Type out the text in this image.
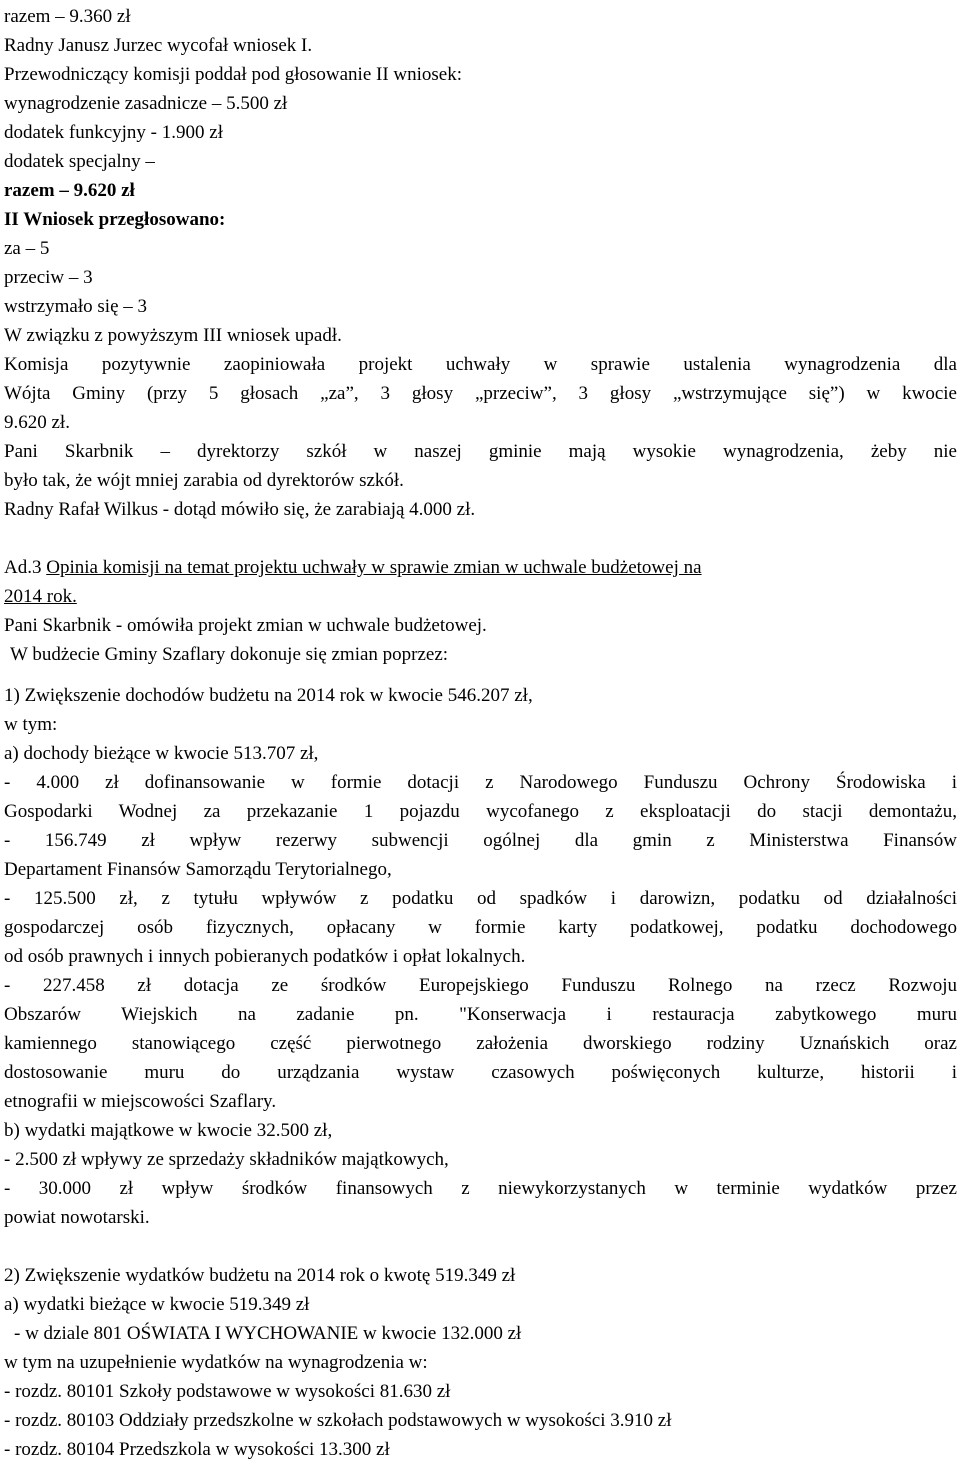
razem – 9.360 zł
Radny Janusz Jurzec wycofał wniosek I.
Przewodniczący komisji poddał pod głosowanie II wniosek:
wynagrodzenie zasadnicze – 5.500 zł
dodatek funkcyjny - 1.900 zł
dodatek specjalny –
razem – 9.620 zł
II Wniosek przegłosowano:
za – 5
przeciw – 3
wstrzymało się – 3
W związku z powyższym III wniosek upadł.
Komisja pozytywnie zaopiniowała projekt uchwały w sprawie ustalenia wynagrodzenia dla
Wójta Gminy (przy 5 głosach „za”, 3 głosy „przeciw”, 3 głosy „wstrzymujące się”) w kwocie
9.620 zł.
Pani Skarbnik – dyrektorzy szkół w naszej gminie mają wysokie wynagrodzenia, żeby nie
było tak, że wójt mniej zarabia od dyrektorów szkół.
Radny Rafał Wilkus - dotąd mówiło się, że zarabiają 4.000 zł.
Ad.3 Opinia komisji na temat projektu uchwały w sprawie zmian w uchwale budżetowej na
2014 rok.
Pani Skarbnik - omówiła projekt zmian w uchwale budżetowej.
W budżecie Gminy Szaflary dokonuje się zmian poprzez:
1) Zwiększenie dochodów budżetu na 2014 rok w kwocie 546.207 zł,
w tym:
a) dochody bieżące w kwocie 513.707 zł,
- 4.000 zł dofinansowanie w formie dotacji z Narodowego Funduszu Ochrony Środowiska i
Gospodarki Wodnej za przekazanie 1 pojazdu wycofanego z eksploatacji do stacji demontażu,
- 156.749 zł wpływ rezerwy subwencji ogólnej dla gmin z Ministerstwa Finansów
Departament Finansów Samorządu Terytorialnego,
- 125.500 zł, z tytułu wpływów z podatku od spadków i darowizn, podatku od działalności
gospodarczej osób fizycznych, opłacany w formie karty podatkowej, podatku dochodowego
od osób prawnych i innych pobieranych podatków i opłat lokalnych.
- 227.458 zł dotacja ze środków Europejskiego Funduszu Rolnego na rzecz Rozwoju
Obszarów Wiejskich na zadanie pn. "Konserwacja i restauracja zabytkowego muru
kamiennego stanowiącego część pierwotnego założenia dworskiego rodziny Uznańskich oraz
dostosowanie muru do urządzania wystaw czasowych poświęconych kulturze, historii i
etnografii w miejscowości Szaflary.
b) wydatki majątkowe w kwocie 32.500 zł,
- 2.500 zł wpływy ze sprzedaży składników majątkowych,
- 30.000 zł wpływ środków finansowych z niewykorzystanych w terminie wydatków przez
powiat nowotarski.
2) Zwiększenie wydatków budżetu na 2014 rok o kwotę 519.349 zł
a) wydatki bieżące w kwocie 519.349 zł
- w dziale 801 OŚWIATA I WYCHOWANIE w kwocie 132.000 zł
w tym na uzupełnienie wydatków na wynagrodzenia w:
- rozdz. 80101 Szkoły podstawowe w wysokości 81.630 zł
- rozdz. 80103 Oddziały przedszkolne w szkołach podstawowych w wysokości 3.910 zł
- rozdz. 80104 Przedszkola w wysokości 13.300 zł
